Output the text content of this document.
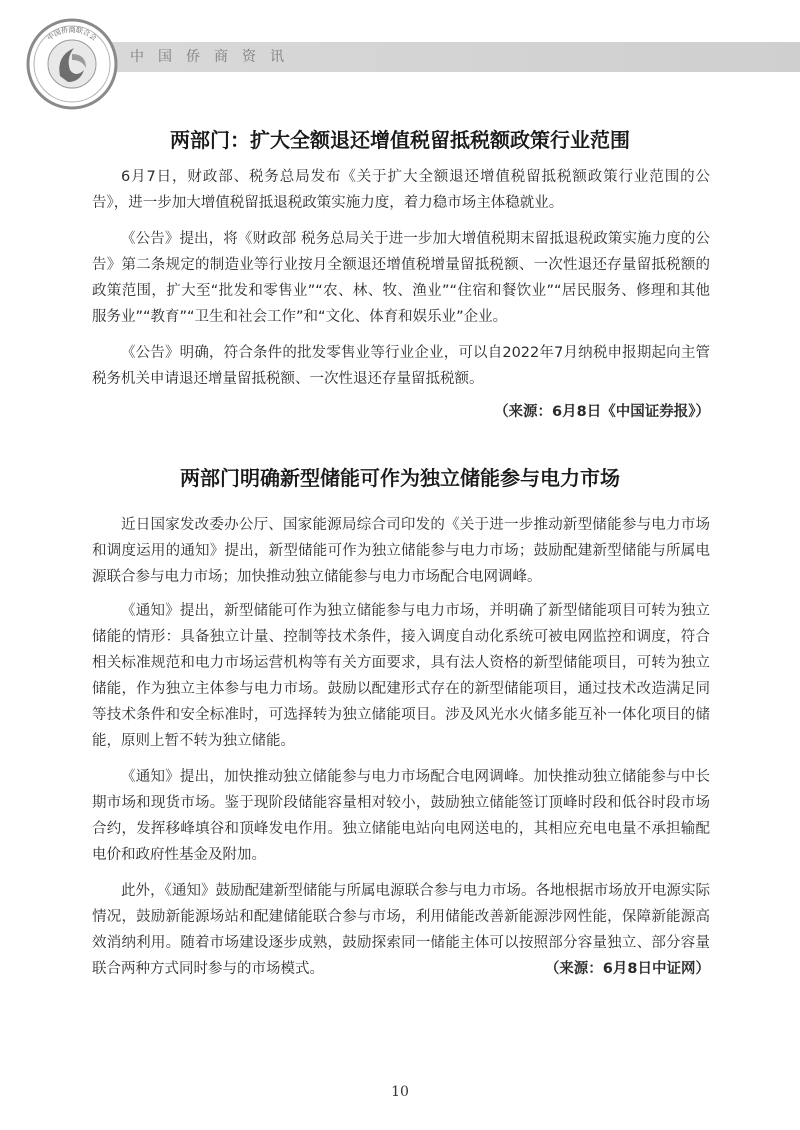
中国侨商资讯
中国侨商联合会
两部门：扩大全额退还增值税留抵税额政策行业范围

6月7日，财政部、税务总局发布《关于扩大全额退还增值税留抵税额政策行业范围的公告》，进一步加大增值税留抵退税政策实施力度，着力稳市场主体稳就业。

《公告》提出，将《财政部 税务总局关于进一步加大增值税期末留抵退税政策实施力度的公告》第二条规定的制造业等行业按月全额退还增值税增量留抵税额、一次性退还存量留抵税额的政策范围，扩大至“批发和零售业”“农、林、牧、渔业”“住宿和餐饮业”“居民服务、修理和其他服务业”“教育”“卫生和社会工作”和“文化、体育和娱乐业”企业。

《公告》明确，符合条件的批发零售业等行业企业，可以自2022年7月纳税申报期起向主管税务机关申请退还增量留抵税额、一次性退还存量留抵税额。

（来源：6月8日《中国证券报》）
两部门明确新型储能可作为独立储能参与电力市场

近日国家发改委办公厅、国家能源局综合司印发的《关于进一步推动新型储能参与电力市场和调度运用的通知》提出，新型储能可作为独立储能参与电力市场；鼓励配建新型储能与所属电源联合参与电力市场；加快推动独立储能参与电力市场配合电网调峰。

《通知》提出，新型储能可作为独立储能参与电力市场，并明确了新型储能项目可转为独立储能的情形：具备独立计量、控制等技术条件，接入调度自动化系统可被电网监控和调度，符合相关标准规范和电力市场运营机构等有关方面要求，具有法人资格的新型储能项目，可转为独立储能，作为独立主体参与电力市场。鼓励以配建形式存在的新型储能项目，通过技术改造满足同等技术条件和安全标准时，可选择转为独立储能项目。涉及风光水火储多能互补一体化项目的储能，原则上暂不转为独立储能。

《通知》提出，加快推动独立储能参与电力市场配合电网调峰。加快推动独立储能参与中长期市场和现货市场。鉴于现阶段储能容量相对较小，鼓励独立储能签订顶峰时段和低谷时段市场合约，发挥移峰填谷和顶峰发电作用。独立储能电站向电网送电的，其相应充电电量不承担输配电价和政府性基金及附加。

此外，《通知》鼓励配建新型储能与所属电源联合参与电力市场。各地根据市场放开电源实际情况，鼓励新能源场站和配建储能联合参与市场，利用储能改善新能源涉网性能，保障新能源高效消纳利用。随着市场建设逐步成熟，鼓励探索同一储能主体可以按照部分容量独立、部分容量联合两种方式同时参与的市场模式。	（来源：6月8日中证网）

10
